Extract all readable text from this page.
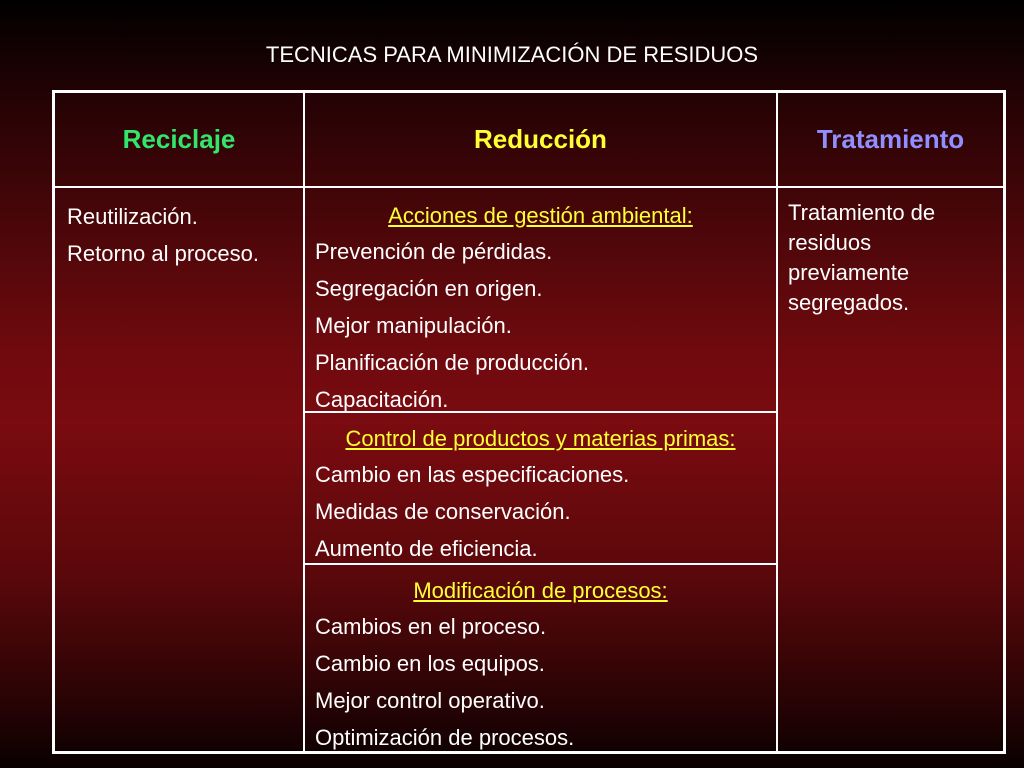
TECNICAS PARA MINIMIZACIÓN DE RESIDUOS
Reciclaje	Reducción	Tratamiento
Reutilización.
Retorno al proceso.
Acciones de gestión ambiental:
Prevención de pérdidas.
Segregación en origen.
Mejor manipulación.
Planificación de producción.
Capacitación.
Control de productos y materias primas:
Cambio en las especificaciones.
Medidas de conservación.
Aumento de eficiencia.
Modificación de procesos:
Cambios en el proceso.
Cambio en los equipos.
Mejor control operativo.
Optimización de procesos.
Tratamiento de residuos previamente segregados.
